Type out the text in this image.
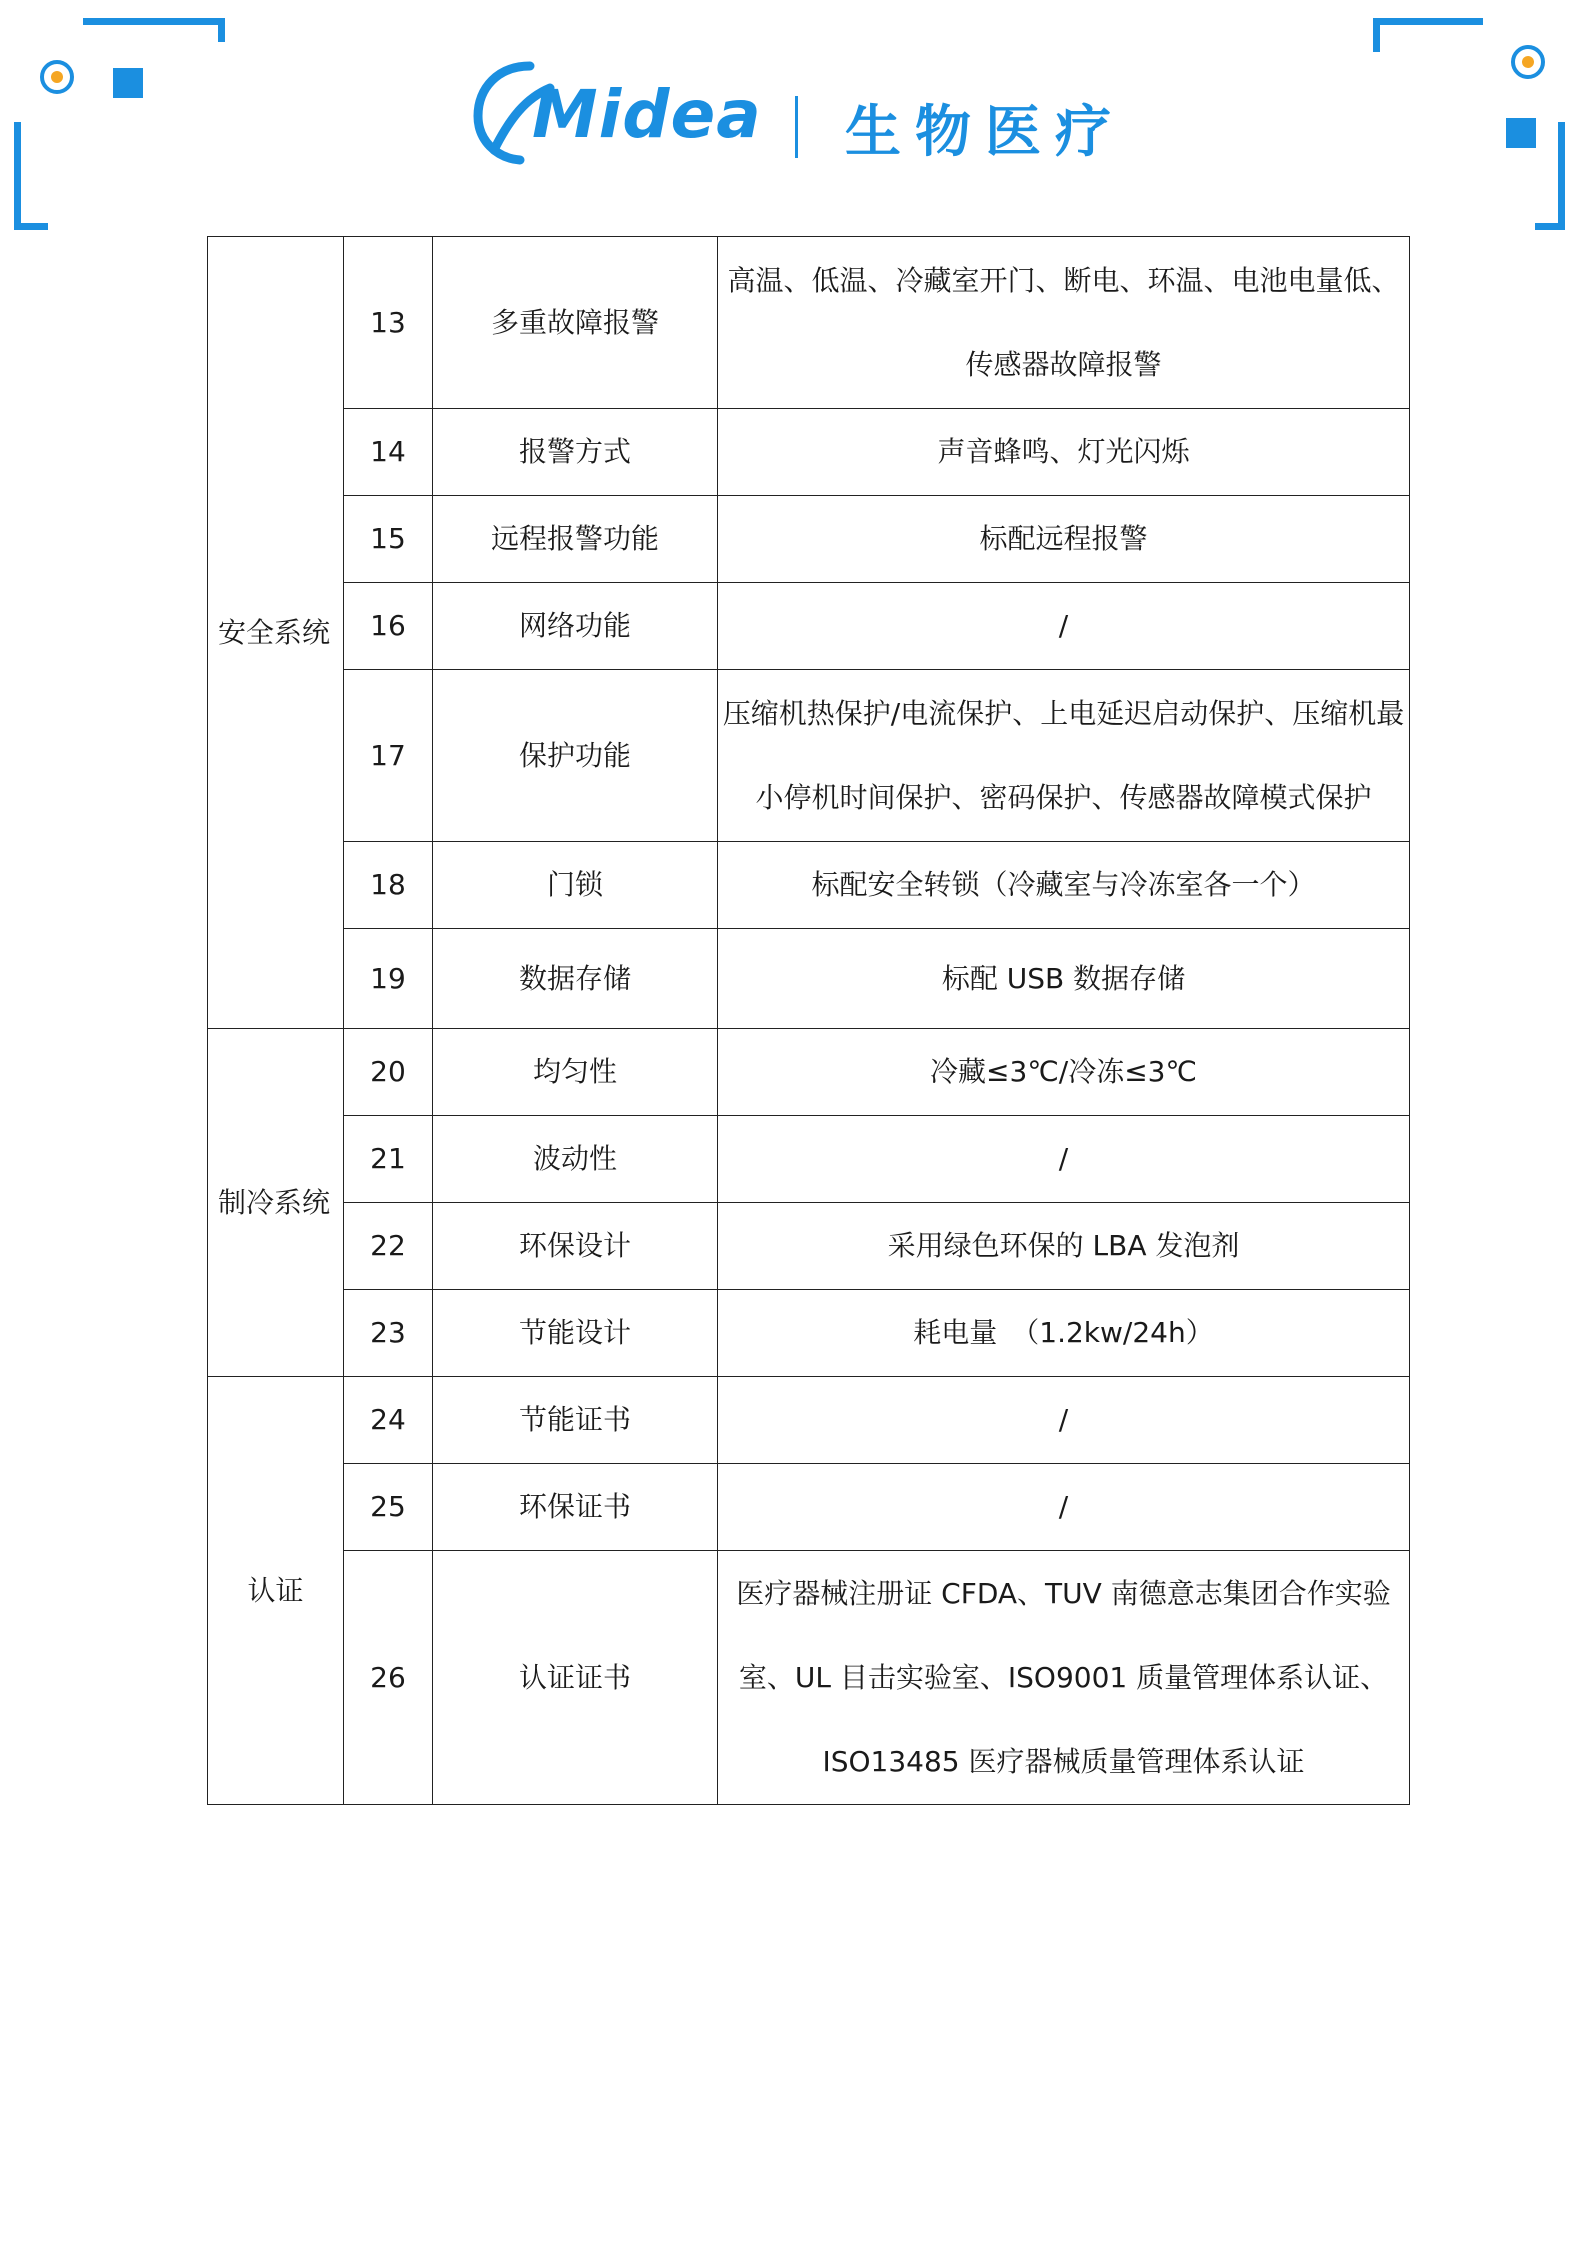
Midea 生物医疗
安全系统	13	多重故障报警	高温、低温、冷藏室开门、断电、环温、电池电量低、传感器故障报警
	14	报警方式	声音蜂鸣、灯光闪烁
	15	远程报警功能	标配远程报警
	16	网络功能	/
	17	保护功能	压缩机热保护/电流保护、上电延迟启动保护、压缩机最小停机时间保护、密码保护、传感器故障模式保护
	18	门锁	标配安全转锁（冷藏室与冷冻室各一个）
	19	数据存储	标配 USB 数据存储
制冷系统	20	均匀性	冷藏≤3℃/冷冻≤3℃
	21	波动性	/
	22	环保设计	采用绿色环保的 LBA 发泡剂
	23	节能设计	耗电量　（1.2kw/24h）
认证	24	节能证书	/
	25	环保证书	/
	26	认证证书	医疗器械注册证 CFDA、TUV 南德意志集团合作实验室、UL 目击实验室、ISO9001 质量管理体系认证、ISO13485 医疗器械质量管理体系认证
